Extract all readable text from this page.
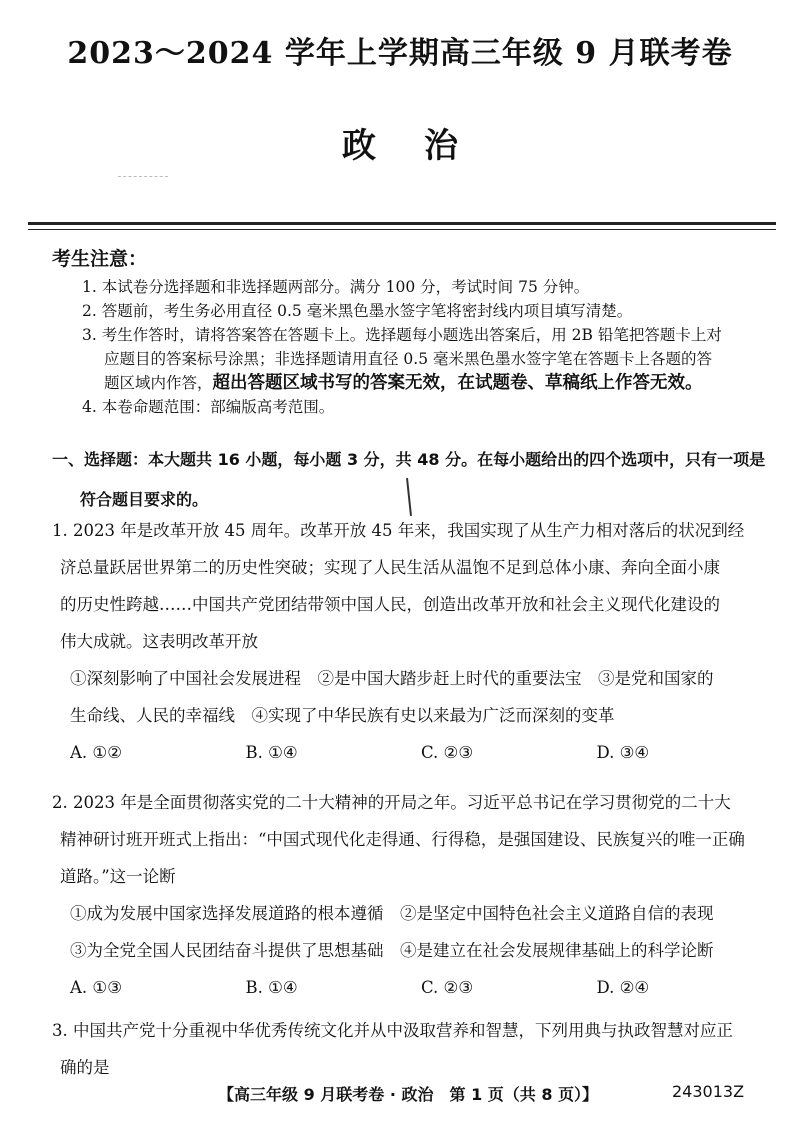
2023～2024 学年上学期高三年级 9 月联考卷
政治
考生注意：
1. 本试卷分选择题和非选择题两部分。满分 100 分，考试时间 75 分钟。
2. 答题前，考生务必用直径 0.5 毫米黑色墨水签字笔将密封线内项目填写清楚。
3. 考生作答时，请将答案答在答题卡上。选择题每小题选出答案后，用 2B 铅笔把答题卡上对
应题目的答案标号涂黑；非选择题请用直径 0.5 毫米黑色墨水签字笔在答题卡上各题的答
题区域内作答，超出答题区域书写的答案无效，在试题卷、草稿纸上作答无效。
4. 本卷命题范围：部编版高考范围。
一、选择题：本大题共 16 小题，每小题 3 分，共 48 分。在每小题给出的四个选项中，只有一项是
符合题目要求的。
1. 2023 年是改革开放 45 周年。改革开放 45 年来，我国实现了从生产力相对落后的状况到经
济总量跃居世界第二的历史性突破；实现了人民生活从温饱不足到总体小康、奔向全面小康
的历史性跨越……中国共产党团结带领中国人民，创造出改革开放和社会主义现代化建设的
伟大成就。这表明改革开放
①深刻影响了中国社会发展进程　②是中国大踏步赶上时代的重要法宝　③是党和国家的
生命线、人民的幸福线　④实现了中华民族有史以来最为广泛而深刻的变革
A. ①②	B. ①④	C. ②③	D. ③④
2. 2023 年是全面贯彻落实党的二十大精神的开局之年。习近平总书记在学习贯彻党的二十大
精神研讨班开班式上指出：“中国式现代化走得通、行得稳，是强国建设、民族复兴的唯一正确
道路。”这一论断
①成为发展中国家选择发展道路的根本遵循　②是坚定中国特色社会主义道路自信的表现
③为全党全国人民团结奋斗提供了思想基础　④是建立在社会发展规律基础上的科学论断
A. ①③	B. ①④	C. ②③	D. ②④
3. 中国共产党十分重视中华优秀传统文化并从中汲取营养和智慧，下列用典与执政智慧对应正
确的是
【高三年级 9 月联考卷 · 政治　第 1 页（共 8 页）】	243013Z
